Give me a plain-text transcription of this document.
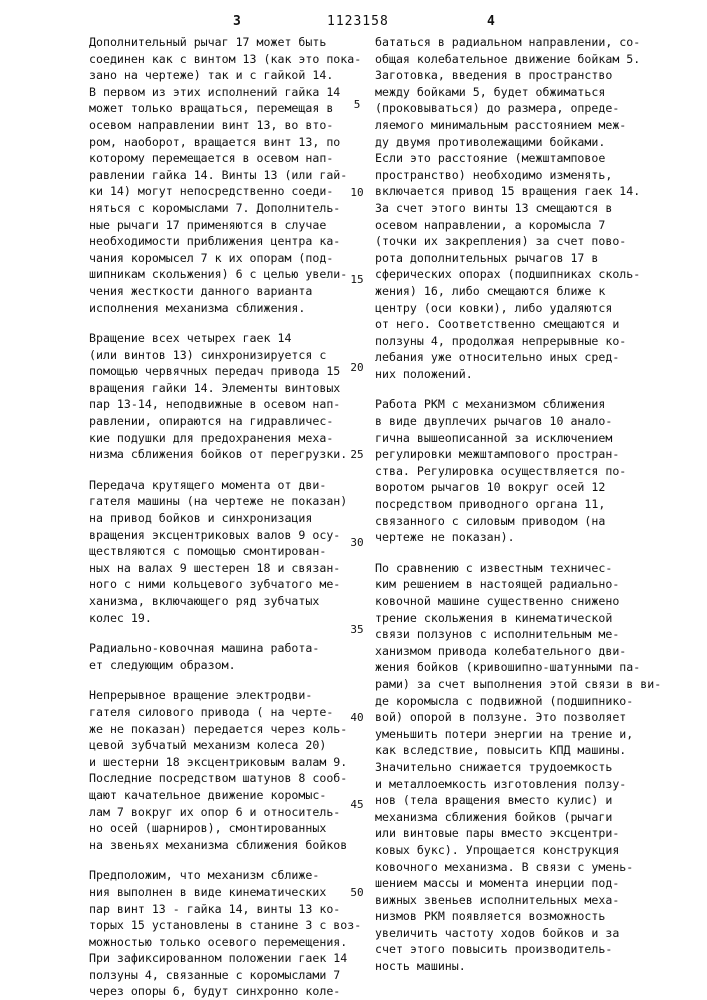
3	1123158	4
Дополнительный рычаг 17 может быть
соединен как с винтом 13 (как это пока-
зано на чертеже) так и с гайкой 14.
В первом из этих исполнений гайка 14
может только вращаться, перемещая в
осевом направлении винт 13, во вто-
ром, наоборот, вращается винт 13, по
которому перемещается в осевом нап-
равлении гайка 14. Винты 13 (или гай-
ки 14) могут непосредственно соеди-
няться с коромыслами 7. Дополнитель-
ные рычаги 17 применяются в случае
необходимости приближения центра ка-
чания коромысел 7 к их опорам (под-
шипникам скольжения) 6 с целью увели-
чения жесткости данного варианта
исполнения механизма сближения.
Вращение всех четырех гаек 14
(или винтов 13) синхронизируется с
помощью червячных передач привода 15
вращения гайки 14. Элементы винтовых
пар 13-14, неподвижные в осевом нап-
равлении, опираются на гидравличес-
кие подушки для предохранения меха-
низма сближения бойков от перегрузки.
Передача крутящего момента от дви-
гателя машины (на чертеже не показан)
на привод бойков и синхронизация
вращения эксцентриковых валов 9 осу-
ществляются с помощью смонтирован-
ных на валах 9 шестерен 18 и связан-
ного с ними кольцевого зубчатого ме-
ханизма, включающего ряд зубчатых
колес 19.
Радиально-ковочная машина работа-
ет следующим образом.
Непрерывное вращение электродви-
гателя силового привода ( на черте-
же не показан) передается через коль-
цевой зубчатый механизм колеса 20)
и шестерни 18 эксцентриковым валам 9.
Последние посредством шатунов 8 сооб-
щают качательное движение коромыс-
лам 7 вокруг их опор 6 и относитель-
но осей (шарниров), смонтированных
на звеньях механизма сближения бойков
Предположим, что механизм сближе-
ния выполнен в виде кинематических
пар винт 13 - гайка 14, винты 13 ко-
торых 15 установлены в станине 3 с воз-
можностью только осевого перемещения.
При зафиксированном положении гаек 14
ползуны 4, связанные с коромыслами 7
через опоры 6, будут синхронно коле-
бататься в радиальном направлении, со-
общая колебательное движение бойкам 5.
Заготовка, введения в пространство
между бойками 5, будет обжиматься
(проковываться) до размера, опреде-
ляемого минимальным расстоянием меж-
ду двумя противолежащими бойками.
Если это расстояние (межштамповое
пространство) необходимо изменять,
включается привод 15 вращения гаек 14.
За счет этого винты 13 смещаются в
осевом направлении, а коромысла 7
(точки их закрепления) за счет пово-
рота дополнительных рычагов 17 в
сферических опорах (подшипниках сколь-
жения) 16, либо смещаются ближе к
центру (оси ковки), либо удаляются
от него. Соответственно смещаются и
ползуны 4, продолжая непрерывные ко-
лебания уже относительно иных сред-
них положений.
Работа РКМ с механизмом сближения
в виде двуплечих рычагов 10 анало-
гична вышеописанной за исключением
регулировки межштампового простран-
ства. Регулировка осуществляется по-
воротом рычагов 10 вокруг осей 12
посредством приводного органа 11,
связанного с силовым приводом (на
чертеже не показан).
По сравнению с известным техничес-
ким решением в настоящей радиально-
ковочной машине существенно снижено
трение скольжения в кинематической
связи ползунов с исполнительным ме-
ханизмом привода колебательного дви-
жения бойков (кривошипно-шатунными па-
рами) за счет выполнения этой связи в ви-
де коромысла с подвижной (подшипнико-
вой) опорой в ползуне. Это позволяет
уменьшить потери энергии на трение и,
как вследствие, повысить КПД машины.
Значительно снижается трудоемкость
и металлоемкость изготовления ползу-
нов (тела вращения вместо кулис) и
механизма сближения бойков (рычаги
или винтовые пары вместо эксцентри-
ковых букс). Упрощается конструкция
ковочного механизма. В связи с умень-
шением массы и момента инерции под-
вижных звеньев исполнительных меха-
низмов РКМ появляется возможность
увеличить частоту ходов бойков и за
счет этого повысить производитель-
ность машины.
5
10
15
20
25
30
35
40
45
50
